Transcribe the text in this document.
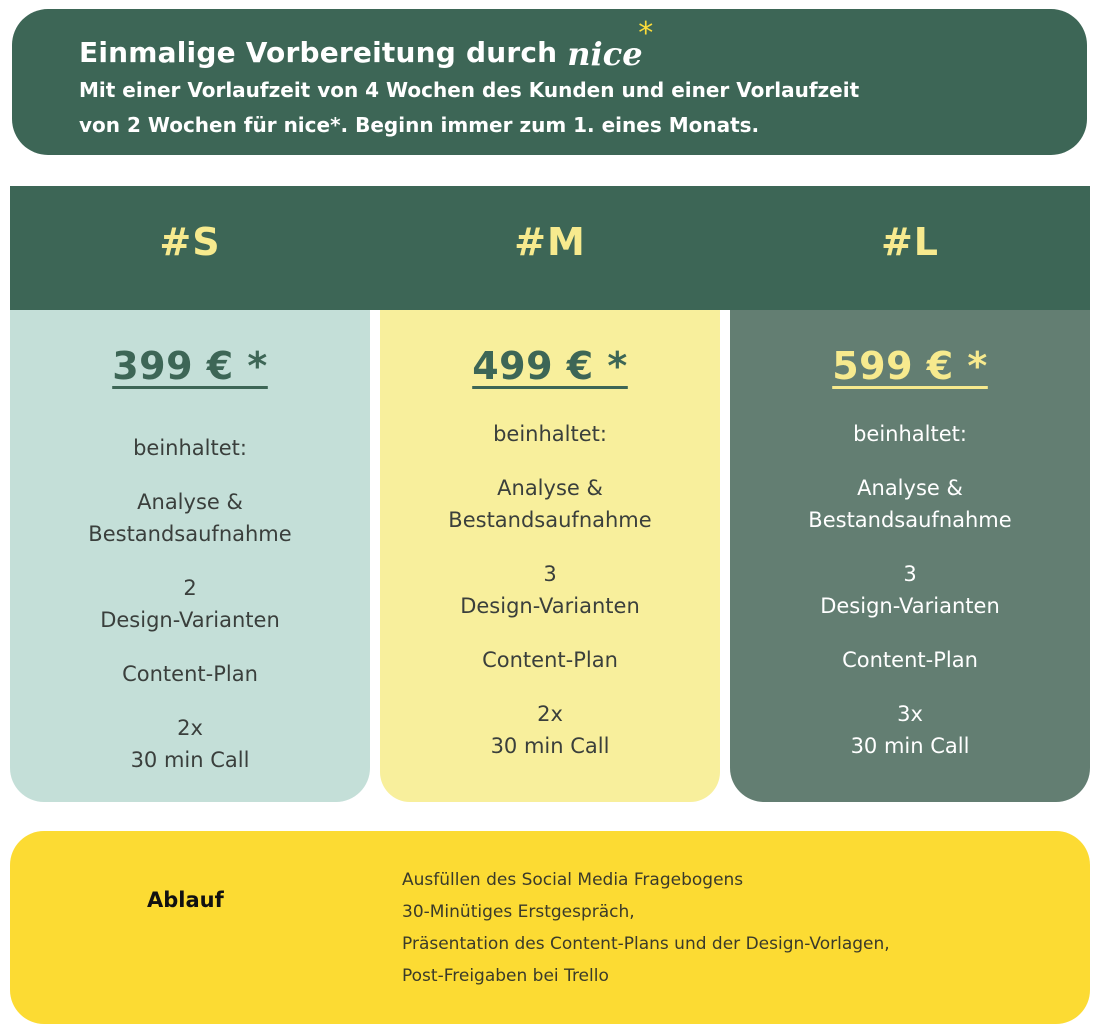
Einmalige Vorbereitung durch nice
*
Mit einer Vorlaufzeit von 4 Wochen des Kunden und einer Vorlaufzeit
von 2 Wochen für nice*. Beginn immer zum 1. eines Monats.
#S	#M	#L
399 € *
beinhaltet:
Analyse &
Bestandsaufnahme
2
Design-Varianten
Content-Plan
2x
30 min Call
499 € *
beinhaltet:
Analyse &
Bestandsaufnahme
3
Design-Varianten
Content-Plan
2x
30 min Call
599 € *
beinhaltet:
Analyse &
Bestandsaufnahme
3
Design-Varianten
Content-Plan
3x
30 min Call
Ablauf
Ausfüllen des Social Media Fragebogens
30-Minütiges Erstgespräch,
Präsentation des Content-Plans und der Design-Vorlagen,
Post-Freigaben bei Trello
